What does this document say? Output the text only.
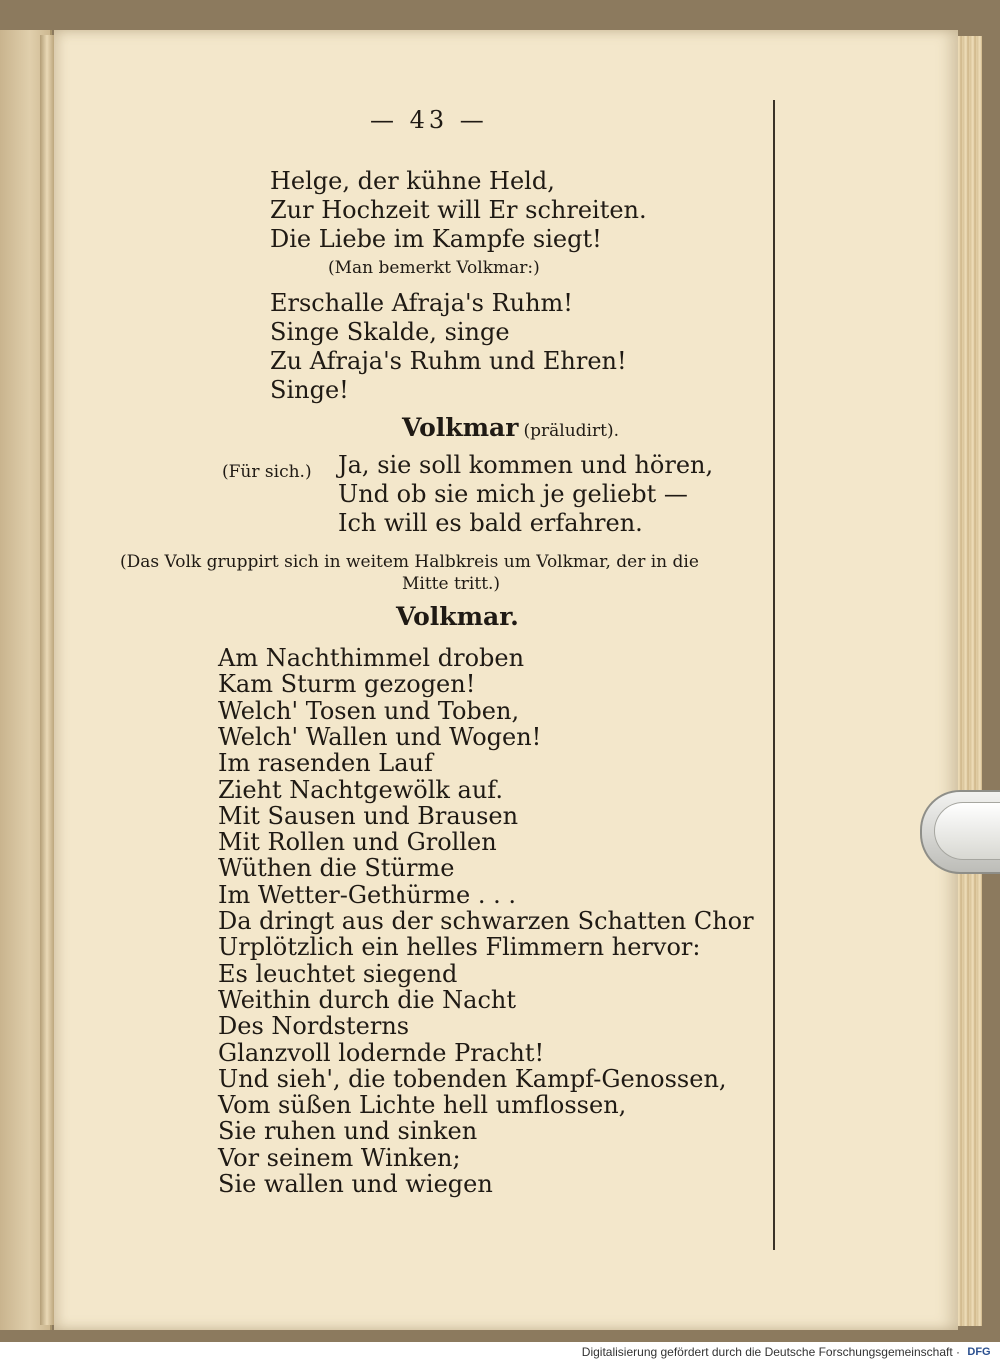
— 43 —
Helge, der kühne Held,
Zur Hochzeit will Er schreiten.
Die Liebe im Kampfe siegt!
(Man bemerkt Volkmar:)
Erschalle Afraja's Ruhm!
Singe Skalde, singe
Zu Afraja's Ruhm und Ehren!
Singe!
Volkmar (präludirt).
(Für sich.) Ja, sie soll kommen und hören,
Und ob sie mich je geliebt —
Ich will es bald erfahren.
(Das Volk gruppirt sich in weitem Halbkreis um Volkmar, der in die
Mitte tritt.)
Volkmar.
Am Nachthimmel droben
Kam Sturm gezogen!
Welch' Tosen und Toben,
Welch' Wallen und Wogen!
Im rasenden Lauf
Zieht Nachtgewölk auf.
Mit Sausen und Brausen
Mit Rollen und Grollen
Wüthen die Stürme
Im Wetter-Gethürme . . .
Da dringt aus der schwarzen Schatten Chor
Urplötzlich ein helles Flimmern hervor:
Es leuchtet siegend
Weithin durch die Nacht
Des Nordsterns
Glanzvoll lodernde Pracht!
Und sieh', die tobenden Kampf-Genossen,
Vom süßen Lichte hell umflossen,
Sie ruhen und sinken
Vor seinem Winken;
Sie wallen und wiegen
Digitalisierung gefördert durch die Deutsche Forschungsgemeinschaft · DFG
